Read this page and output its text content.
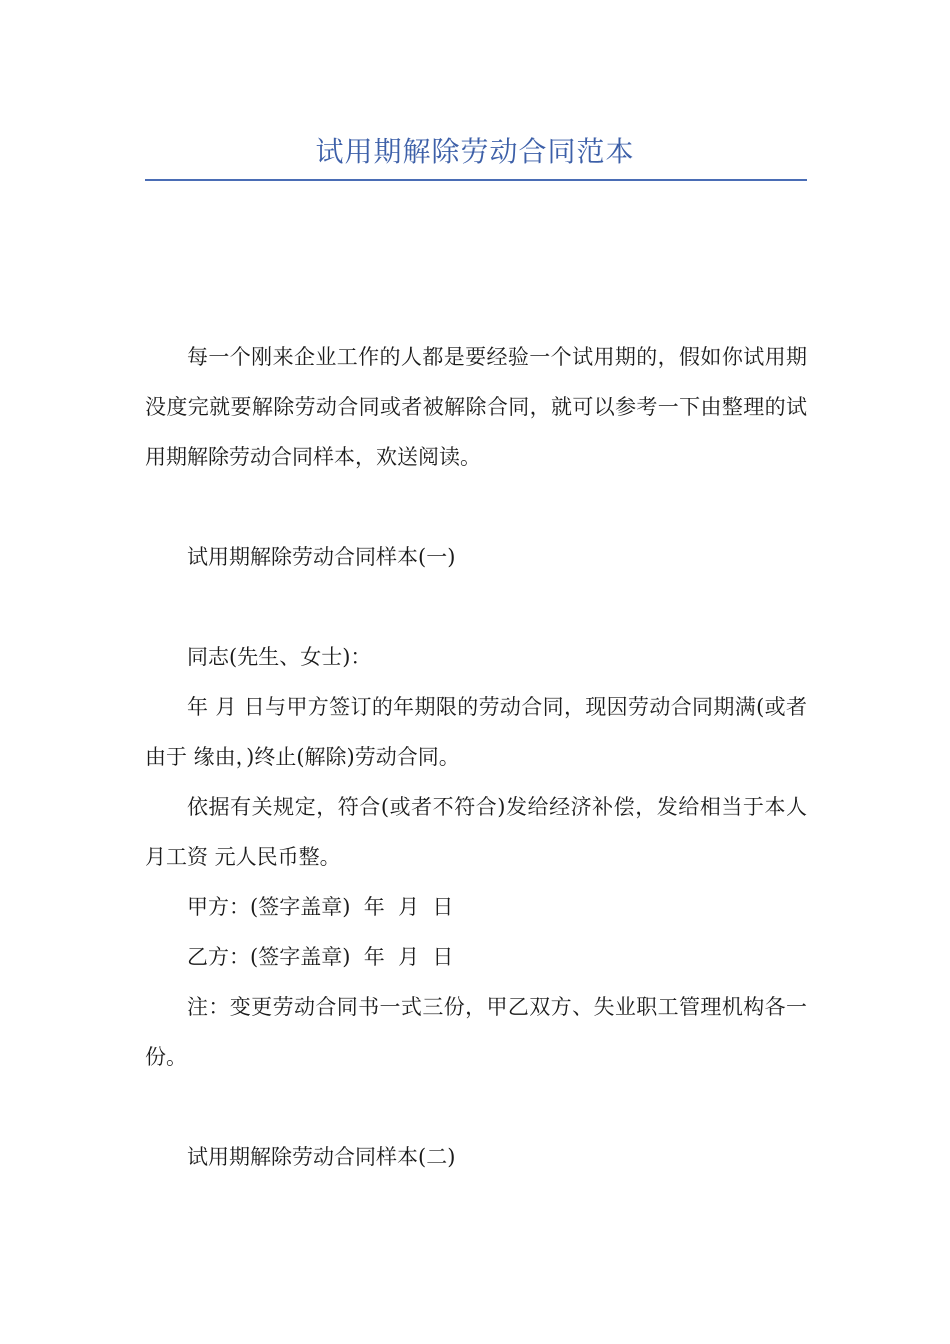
试用期解除劳动合同范本

每一个刚来企业工作的人都是要经验一个试用期的，假如你试用期没度完就要解除劳动合同或者被解除合同，就可以参考一下由整理的试用期解除劳动合同样本，欢送阅读。

试用期解除劳动合同样本(一)

同志(先生、女士)：

年 月 日与甲方签订的年期限的劳动合同，现因劳动合同期满(或者由于 缘由，)终止(解除)劳动合同。

依据有关规定，符合(或者不符合)发给经济补偿，发给相当于本人 月工资 元人民币整。

甲方：(签字盖章)  年  月  日

乙方：(签字盖章)  年  月  日

注：变更劳动合同书一式三份，甲乙双方、失业职工管理机构各一份。

试用期解除劳动合同样本(二)
